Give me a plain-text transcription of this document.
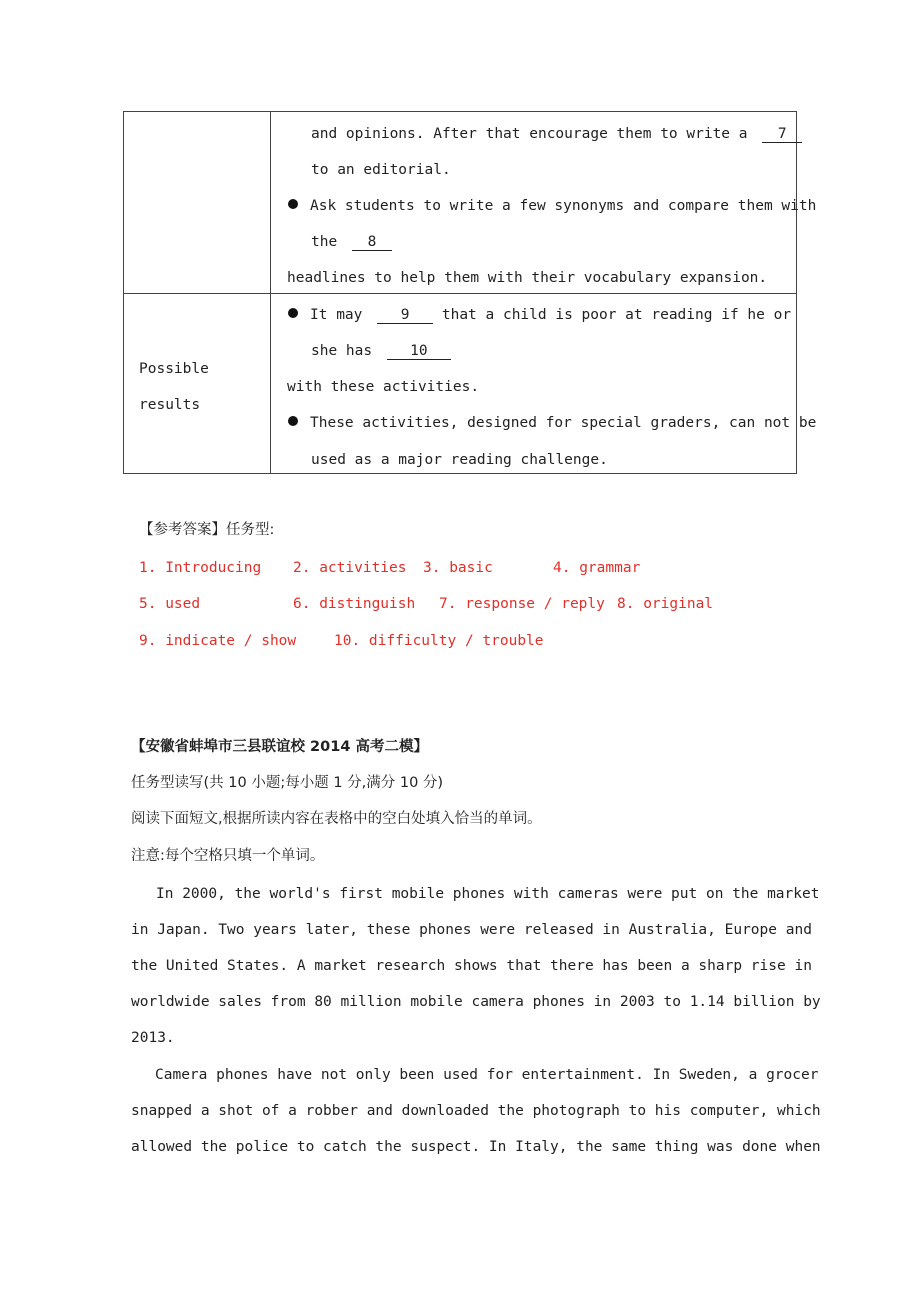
and opinions. After that encourage them to write a 7
to an editorial.
Ask students to write a few synonyms and compare them with
the 8
headlines to help them with their vocabulary expansion.
Possible
results
It may	9 that a child is poor at reading if he or
she has	10
with these activities.
These activities, designed for special graders, can not be
used as a major reading challenge.
【参考答案】任务型:
1. Introducing 2. activities 3. basic	4. grammar
5. used	6. distinguish 7. response / reply 8. original
9. indicate / show	10. difficulty / trouble
【安徽省蚌埠市三县联谊校 2014 高考二模】
任务型读写(共 10 小题;每小题 1 分,满分 10 分)
阅读下面短文,根据所读内容在表格中的空白处填入恰当的单词。
注意:每个空格只填一个单词。
In 2000, the world's first mobile phones with cameras were put on the market
in Japan. Two years later, these phones were released in Australia, Europe and
the United States. A market research shows that there has been a sharp rise in
worldwide sales from 80 million mobile camera phones in 2003 to 1.14 billion by
2013.
Camera phones have not only been used for entertainment. In Sweden, a grocer
snapped a shot of a robber and downloaded the photograph to his computer, which
allowed the police to catch the suspect. In Italy, the same thing was done when
